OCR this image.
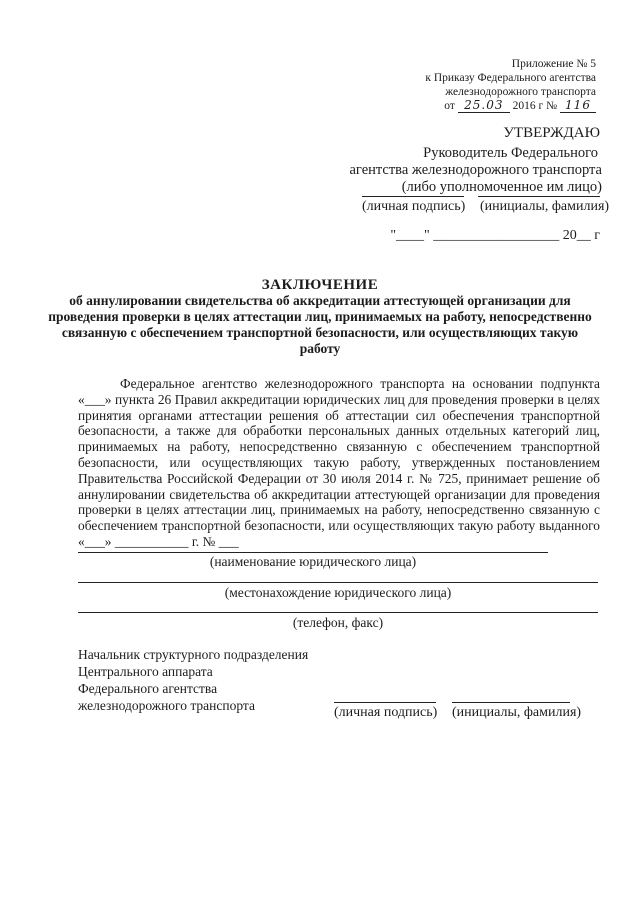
Приложение № 5
к Приказу Федерального агентства
железнодорожного транспорта
от 25.03 2016 г № 116
УТВЕРЖДАЮ
Руководитель Федерального
агентства железнодорожного транспорта
(либо уполномоченное им лицо)
(личная подпись) (инициалы, фамилия)
"____" __________________ 20__ г
ЗАКЛЮЧЕНИЕ
об аннулировании свидетельства об аккредитации аттестующей организации для проведения проверки в целях аттестации лиц, принимаемых на работу, непосредственно связанную с обеспечением транспортной безопасности, или осуществляющих такую работу

Федеральное агентство железнодорожного транспорта на основании подпункта «___» пункта 26 Правил аккредитации юридических лиц для проведения проверки в целях принятия органами аттестации решения об аттестации сил обеспечения транспортной безопасности, а также для обработки персональных данных отдельных категорий лиц, принимаемых на работу, непосредственно связанную с обеспечением транспортной безопасности, или осуществляющих такую работу, утвержденных постановлением Правительства Российской Федерации от 30 июля 2014 г. № 725, принимает решение об аннулировании свидетельства об аккредитации аттестующей организации для проведения проверки в целях аттестации лиц, принимаемых на работу, непосредственно связанную с обеспечением транспортной безопасности, или осуществляющих такую работу выданного «___» ___________ г. № ___

(наименование юридического лица)
(местонахождение юридического лица)
(телефон, факс)
Начальник структурного подразделения
Центрального аппарата
Федерального агентства
железнодорожного транспорта	(личная подпись) (инициалы, фамилия)
